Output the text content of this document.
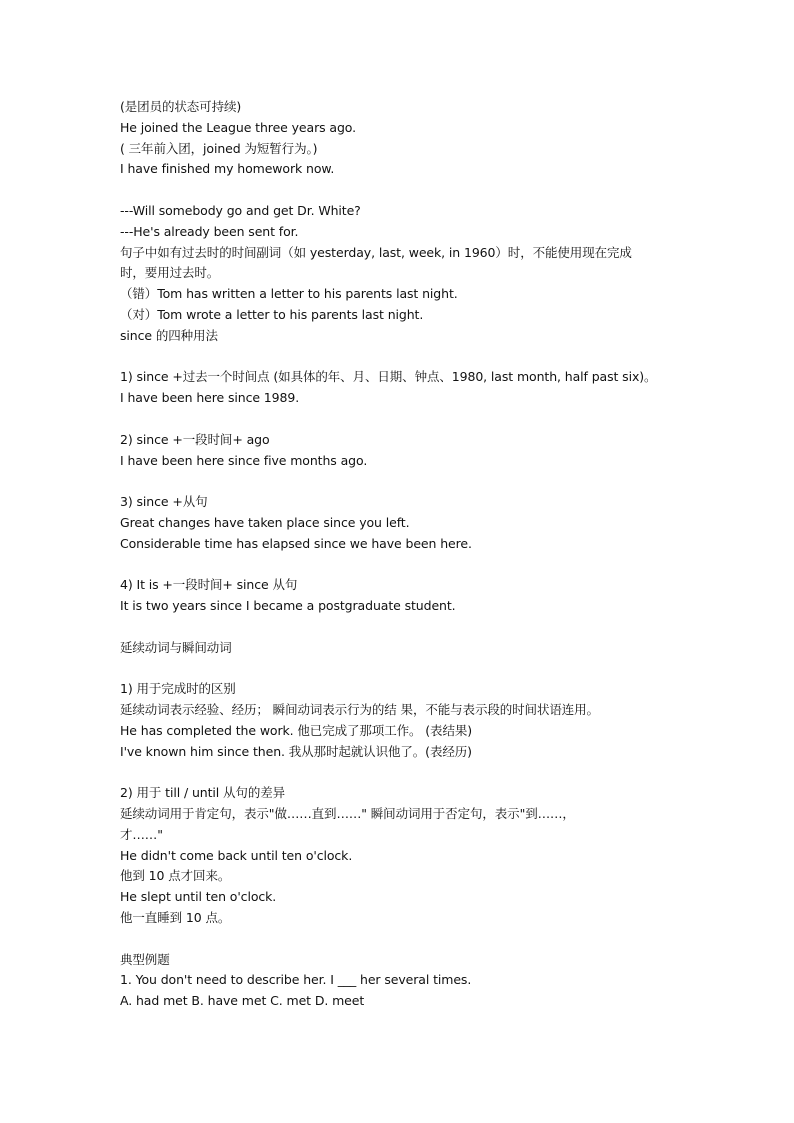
(是团员的状态可持续)
He joined the League three years ago.
( 三年前入团，joined 为短暂行为。)
I have finished my homework now.
---Will somebody go and get Dr. White?
---He's already been sent for.
句子中如有过去时的时间副词（如 yesterday, last, week, in 1960）时，不能使用现在完成
时，要用过去时。
（错）Tom has written a letter to his parents last night.
（对）Tom wrote a letter to his parents last night.
since 的四种用法
1) since +过去一个时间点 (如具体的年、月、日期、钟点、1980, last month, half past six)。
I have been here since 1989.
2) since +一段时间+ ago
I have been here since five months ago.
3) since +从句
Great changes have taken place since you left.
Considerable time has elapsed since we have been here.
4) It is +一段时间+ since 从句
It is two years since I became a postgraduate student.
延续动词与瞬间动词
1) 用于完成时的区别
延续动词表示经验、经历； 瞬间动词表示行为的结 果，不能与表示段的时间状语连用。
He has completed the work. 他已完成了那项工作。 (表结果)
I've known him since then. 我从那时起就认识他了。(表经历)
2) 用于 till / until 从句的差异
延续动词用于肯定句，表示"做……直到……" 瞬间动词用于否定句，表示"到……，
才……"
He didn't come back until ten o'clock.
他到 10 点才回来。
He slept until ten o'clock.
他一直睡到 10 点。
典型例题
1. You don't need to describe her. I ___ her several times.
A. had met B. have met C. met D. meet
